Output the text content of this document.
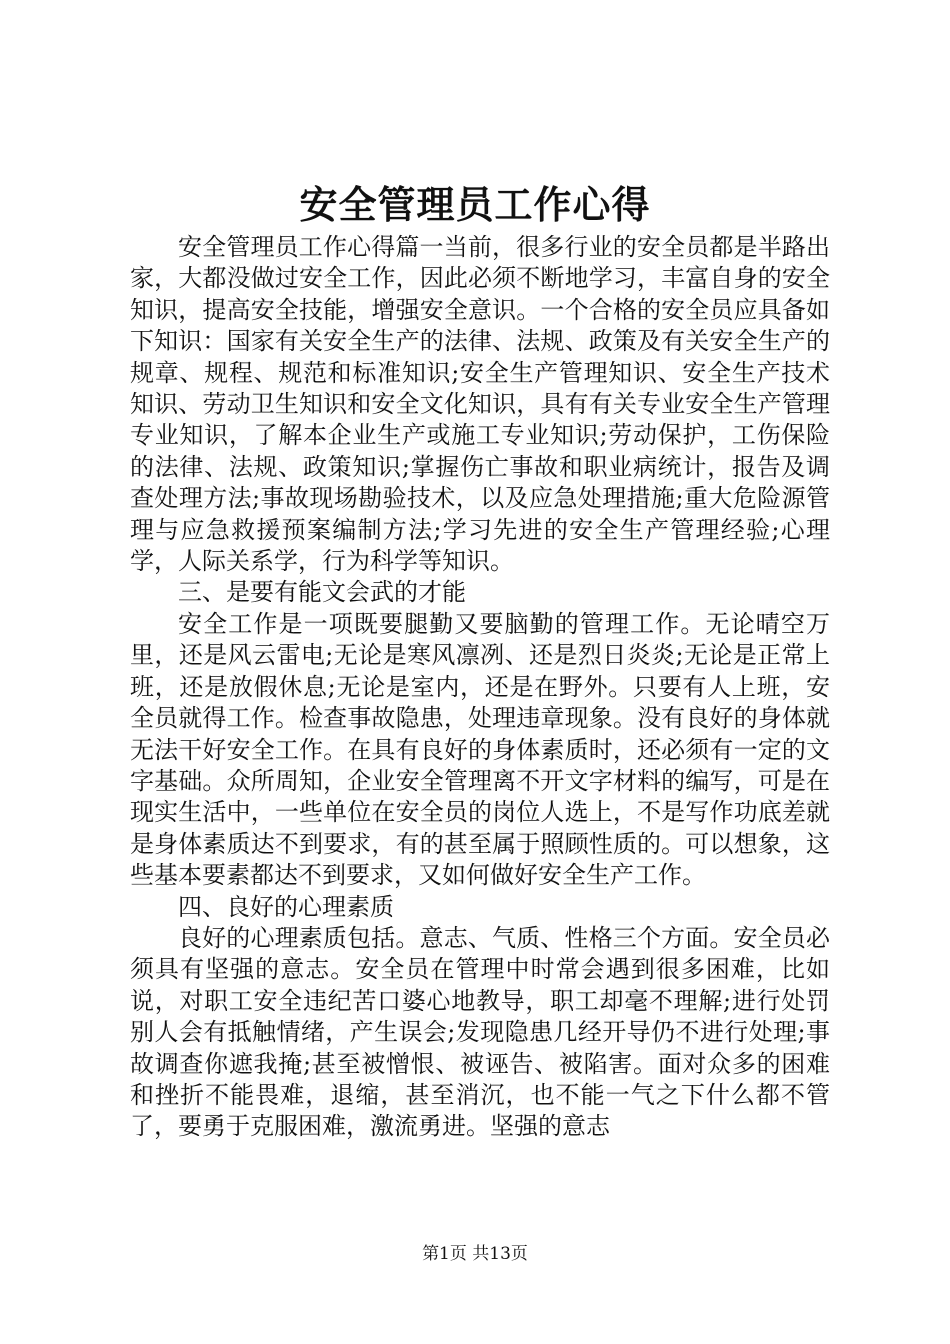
安全管理员工作心得

安全管理员工作心得篇一当前，很多行业的安全员都是半路出家，大都没做过安全工作，因此必须不断地学习，丰富自身的安全知识，提高安全技能，增强安全意识。一个合格的安全员应具备如下知识：国家有关安全生产的法律、法规、政策及有关安全生产的规章、规程、规范和标准知识;安全生产管理知识、安全生产技术知识、劳动卫生知识和安全文化知识，具有有关专业安全生产管理专业知识，了解本企业生产或施工专业知识;劳动保护，工伤保险的法律、法规、政策知识;掌握伤亡事故和职业病统计，报告及调查处理方法;事故现场勘验技术，以及应急处理措施;重大危险源管理与应急救援预案编制方法;学习先进的安全生产管理经验;心理学，人际关系学，行为科学等知识。

三、是要有能文会武的才能

安全工作是一项既要腿勤又要脑勤的管理工作。无论晴空万里，还是风云雷电;无论是寒风凛冽、还是烈日炎炎;无论是正常上班，还是放假休息;无论是室内，还是在野外。只要有人上班，安全员就得工作。检查事故隐患，处理违章现象。没有良好的身体就无法干好安全工作。在具有良好的身体素质时，还必须有一定的文字基础。众所周知，企业安全管理离不开文字材料的编写，可是在现实生活中，一些单位在安全员的岗位人选上，不是写作功底差就是身体素质达不到要求，有的甚至属于照顾性质的。可以想象，这些基本要素都达不到要求，又如何做好安全生产工作。

四、良好的心理素质

良好的心理素质包括。意志、气质、性格三个方面。安全员必须具有坚强的意志。安全员在管理中时常会遇到很多困难，比如说，对职工安全违纪苦口婆心地教导，职工却毫不理解;进行处罚别人会有抵触情绪，产生误会;发现隐患几经开导仍不进行处理;事故调查你遮我掩;甚至被憎恨、被诬告、被陷害。面对众多的困难和挫折不能畏难，退缩，甚至消沉，也不能一气之下什么都不管了，要勇于克服困难，激流勇进。坚强的意志

第1页 共13页
